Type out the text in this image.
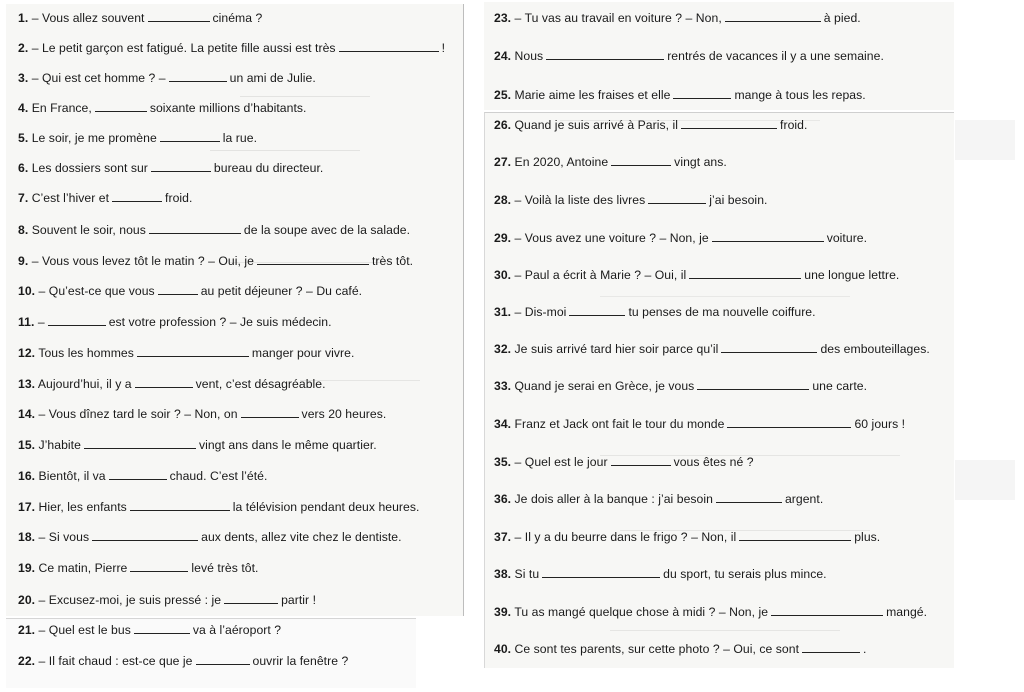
1. – Vous allez souvent	cinéma ?
2. – Le petit garçon est fatigué. La petite fille aussi est très	!
3. – Qui est cet homme ? –	un ami de Julie.
4. En France,	soixante millions d’habitants.
5. Le soir, je me promène	la rue.
6. Les dossiers sont sur	bureau du directeur.
7. C’est l’hiver et	froid.
8. Souvent le soir, nous	de la soupe avec de la salade.
9. – Vous vous levez tôt le matin ? – Oui, je	très tôt.
10. – Qu’est-ce que vous	au petit déjeuner ? – Du café.
11. –	est votre profession ? – Je suis médecin.
12. Tous les hommes	manger pour vivre.
13. Aujourd’hui, il y a	vent, c’est désagréable.
14. – Vous dînez tard le soir ? – Non, on	vers 20 heures.
15. J’habite	vingt ans dans le même quartier.
16. Bientôt, il va	chaud. C’est l’été.
17. Hier, les enfants	la télévision pendant deux heures.
18. – Si vous	aux dents, allez vite chez le dentiste.
19. Ce matin, Pierre	levé très tôt.
20. – Excusez-moi, je suis pressé : je	partir !
21. – Quel est le bus	va à l’aéroport ?
22. – Il fait chaud : est-ce que je	ouvrir la fenêtre ?
23. – Tu vas au travail en voiture ? – Non,	à pied.
24. Nous	rentrés de vacances il y a une semaine.
25. Marie aime les fraises et elle	mange à tous les repas.
26. Quand je suis arrivé à Paris, il	froid.
27. En 2020, Antoine	vingt ans.
28. – Voilà la liste des livres	j’ai besoin.
29. – Vous avez une voiture ? – Non, je	voiture.
30. – Paul a écrit à Marie ? – Oui, il	une longue lettre.
31. – Dis-moi	tu penses de ma nouvelle coiffure.
32. Je suis arrivé tard hier soir parce qu’il	des embouteillages.
33. Quand je serai en Grèce, je vous	une carte.
34. Franz et Jack ont fait le tour du monde	60 jours !
35. – Quel est le jour	vous êtes né ?
36. Je dois aller à la banque : j’ai besoin	argent.
37. – Il y a du beurre dans le frigo ? – Non, il	plus.
38. Si tu	du sport, tu serais plus mince.
39. Tu as mangé quelque chose à midi ? – Non, je	mangé.
40. Ce sont tes parents, sur cette photo ? – Oui, ce sont	.
